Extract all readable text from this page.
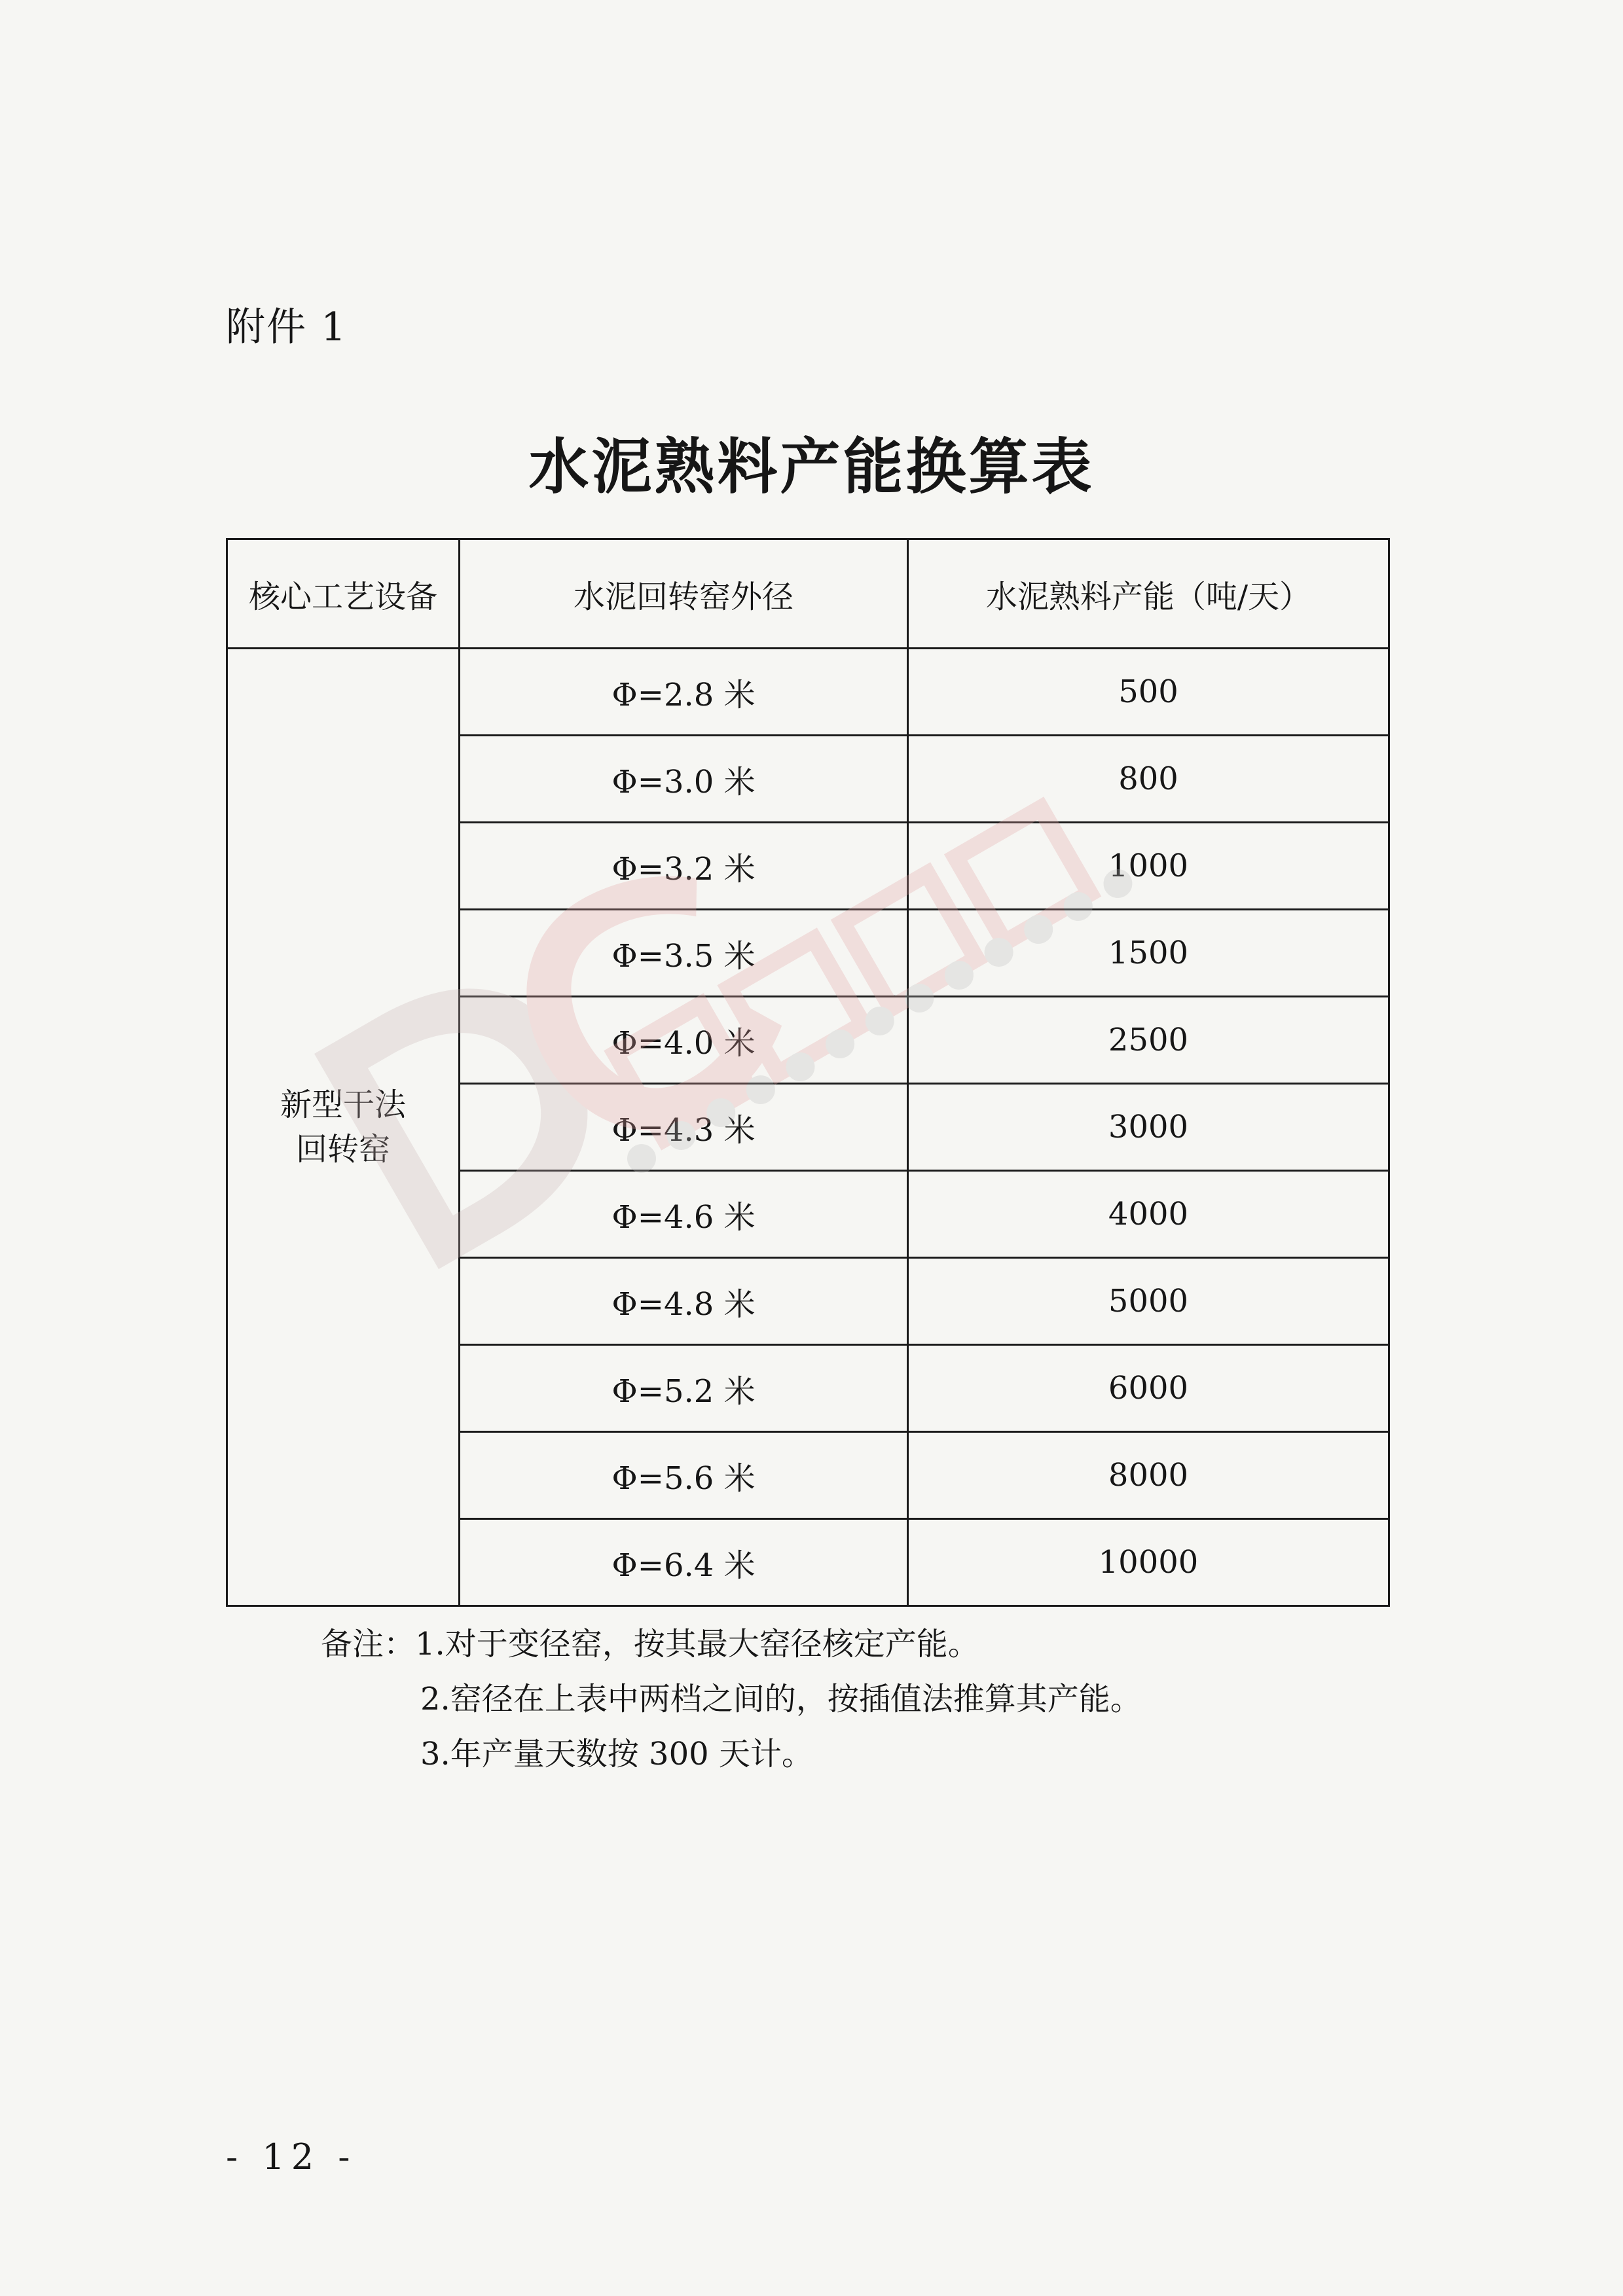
附件 1
水泥熟料产能换算表
核心工艺设备	水泥回转窑外径	水泥熟料产能（吨/天）

新型干法
回转窑	Φ=2.8 米	500
	Φ=3.0 米	800
	Φ=3.2 米	1000
	Φ=3.5 米	1500
	Φ=4.0 米	2500
	Φ=4.3 米	3000
	Φ=4.6 米	4000
	Φ=4.8 米	5000
	Φ=5.2 米	6000
	Φ=5.6 米	8000
	Φ=6.4 米	10000
备注：1.对于变径窑，按其最大窑径核定产能。
2.窑径在上表中两档之间的，按插值法推算其产能。
3.年产量天数按 300 天计。
- 12 -
